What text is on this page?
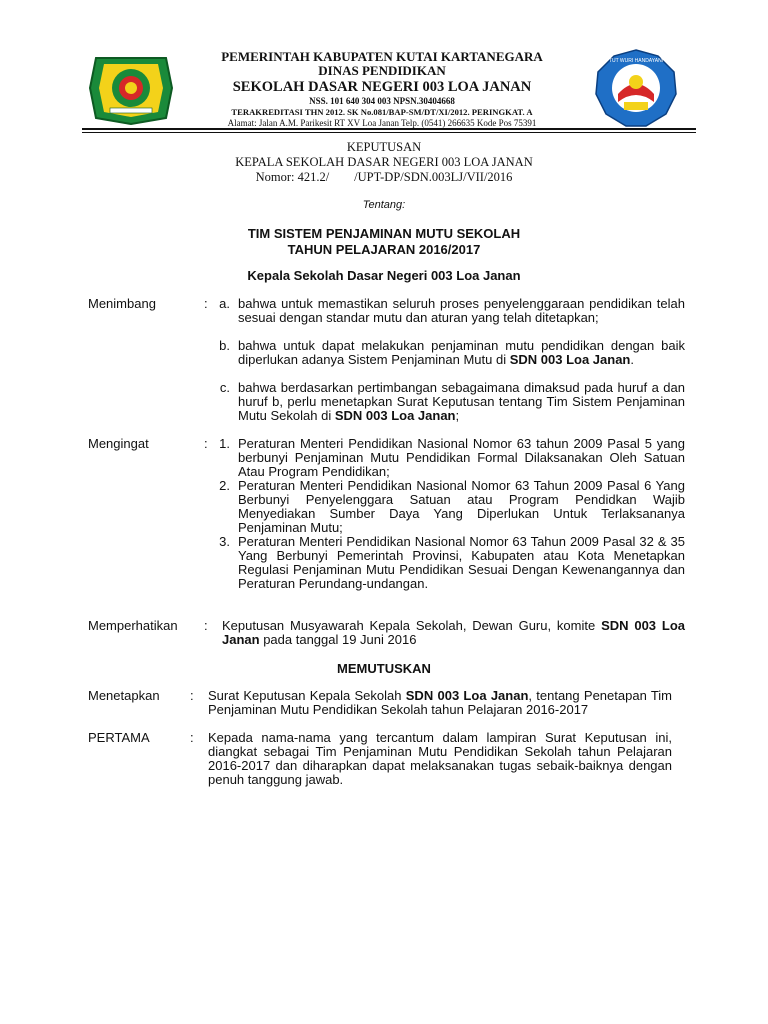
TUT WURI HANDAYANI
PEMERINTAH KABUPATEN KUTAI KARTANEGARA
DINAS PENDIDIKAN
SEKOLAH DASAR NEGERI 003 LOA JANAN
NSS. 101 640 304 003 NPSN.30404668
TERAKREDITASI THN 2012. SK No.081/BAP-SM/DT/XI/2012. PERINGKAT. A
Alamat: Jalan A.M. Parikesit RT XV Loa Janan Telp. (0541) 266635 Kode Pos 75391
KEPUTUSAN
KEPALA SEKOLAH DASAR NEGERI 003 LOA JANAN
Nomor: 421.2/        /UPT-DP/SDN.003LJ/VII/2016
Tentang:
TIM SISTEM PENJAMINAN MUTU SEKOLAH
TAHUN PELAJARAN 2016/2017
Kepala Sekolah Dasar Negeri 003 Loa Janan
Menimbang	: a. bahwa untuk memastikan seluruh proses penyelenggaraan pendidikan telah sesuai dengan standar mutu dan aturan yang telah ditetapkan;
b. bahwa untuk dapat melakukan penjaminan mutu pendidikan dengan baik diperlukan adanya Sistem Penjaminan Mutu di SDN 003 Loa Janan.
c. bahwa berdasarkan pertimbangan sebagaimana dimaksud pada huruf a dan huruf b, perlu menetapkan Surat Keputusan tentang Tim Sistem Penjaminan Mutu Sekolah di SDN 003 Loa Janan;
Mengingat	: 1. Peraturan Menteri Pendidikan Nasional Nomor 63 tahun 2009 Pasal 5 yang berbunyi Penjaminan Mutu Pendidikan Formal Dilaksanakan Oleh Satuan Atau Program Pendidikan;
2. Peraturan Menteri Pendidikan Nasional Nomor 63 Tahun 2009 Pasal 6 Yang Berbunyi Penyelenggara Satuan atau Program Pendidkan Wajib Menyediakan Sumber Daya Yang Diperlukan Untuk Terlaksananya Penjaminan Mutu;
3. Peraturan Menteri Pendidikan Nasional Nomor 63 Tahun 2009 Pasal 32 & 35 Yang Berbunyi Pemerintah Provinsi, Kabupaten atau Kota Menetapkan Regulasi Penjaminan Mutu Pendidikan Sesuai Dengan Kewenangannya dan Peraturan Perundang-undangan.
Memperhatikan : Keputusan Musyawarah Kepala Sekolah, Dewan Guru, komite SDN 003 Loa Janan pada tanggal 19 Juni 2016
MEMUTUSKAN
Menetapkan : Surat Keputusan Kepala Sekolah SDN 003 Loa Janan, tentang Penetapan Tim Penjaminan Mutu Pendidikan Sekolah tahun Pelajaran 2016-2017
PERTAMA	: Kepada nama-nama yang tercantum dalam lampiran Surat Keputusan ini, diangkat sebagai Tim Penjaminan Mutu Pendidikan Sekolah tahun Pelajaran 2016-2017 dan diharapkan dapat melaksanakan tugas sebaik-baiknya dengan penuh tanggung jawab.
